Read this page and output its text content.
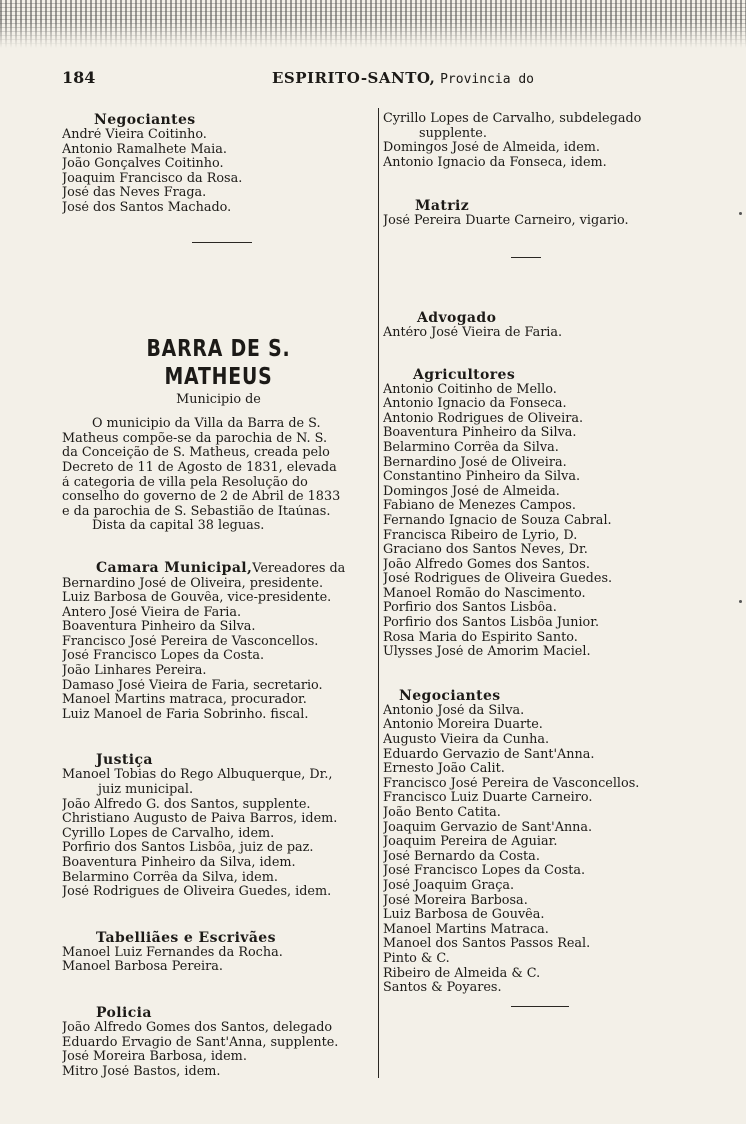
184	ESPIRITO-SANTO, Provincia do
Negociantes
André Vieira Coitinho.
Antonio Ramalhete Maia.
João Gonçalves Coitinho.
Joaquim Francisco da Rosa.
José das Neves Fraga.
José dos Santos Machado.
BARRA DE S. MATHEUS
Municipio de
O municipio da Villa da Barra de S.
Matheus compõe-se da parochia de N. S.
da Conceição de S. Matheus, creada pelo
Decreto de 11 de Agosto de 1831, elevada
á categoria de villa pela Resolução do
conselho do governo de 2 de Abril de 1833
e da parochia de S. Sebastião de Itaúnas.
Dista da capital 38 leguas.
Camara Municipal,Vereadores da
Bernardino José de Oliveira, presidente.
Luiz Barbosa de Gouvêa, vice-presidente.
Antero José Vieira de Faria.
Boaventura Pinheiro da Silva.
Francisco José Pereira de Vasconcellos.
José Francisco Lopes da Costa.
João Linhares Pereira.
Damaso José Vieira de Faria, secretario.
Manoel Martins matraca, procurador.
Luiz Manoel de Faria Sobrinho. fiscal.
Justiça
Manoel Tobias do Rego Albuquerque, Dr.,
juiz municipal.
João Alfredo G. dos Santos, supplente.
Christiano Augusto de Paiva Barros, idem.
Cyrillo Lopes de Carvalho, idem.
Porfirio dos Santos Lisbôa, juiz de paz.
Boaventura Pinheiro da Silva, idem.
Belarmino Corrêa da Silva, idem.
José Rodrigues de Oliveira Guedes, idem.
Tabelliães e Escrivães
Manoel Luiz Fernandes da Rocha.
Manoel Barbosa Pereira.
Policia
João Alfredo Gomes dos Santos, delegado
Eduardo Ervagio de Sant'Anna, supplente.
José Moreira Barbosa, idem.
Mitro José Bastos, idem.
Cyrillo Lopes de Carvalho, subdelegado
supplente.
Domingos José de Almeida, idem.
Antonio Ignacio da Fonseca, idem.
Matriz
José Pereira Duarte Carneiro, vigario.
Advogado
Antéro José Vieira de Faria.
Agricultores
Antonio Coitinho de Mello.
Antonio Ignacio da Fonseca.
Antonio Rodrigues de Oliveira.
Boaventura Pinheiro da Silva.
Belarmino Corrêa da Silva.
Bernardino José de Oliveira.
Constantino Pinheiro da Silva.
Domingos José de Almeida.
Fabiano de Menezes Campos.
Fernando Ignacio de Souza Cabral.
Francisca Ribeiro de Lyrio, D.
Graciano dos Santos Neves, Dr.
João Alfredo Gomes dos Santos.
José Rodrigues de Oliveira Guedes.
Manoel Romão do Nascimento.
Porfirio dos Santos Lisbôa.
Porfirio dos Santos Lisbôa Junior.
Rosa Maria do Espirito Santo.
Ulysses José de Amorim Maciel.
Negociantes
Antonio José da Silva.
Antonio Moreira Duarte.
Augusto Vieira da Cunha.
Eduardo Gervazio de Sant'Anna.
Ernesto João Calit.
Francisco José Pereira de Vasconcellos.
Francisco Luiz Duarte Carneiro.
João Bento Catita.
Joaquim Gervazio de Sant'Anna.
Joaquim Pereira de Aguiar.
José Bernardo da Costa.
José Francisco Lopes da Costa.
José Joaquim Graça.
José Moreira Barbosa.
Luiz Barbosa de Gouvêa.
Manoel Martins Matraca.
Manoel dos Santos Passos Real.
Pinto & C.
Ribeiro de Almeida & C.
Santos & Poyares.
